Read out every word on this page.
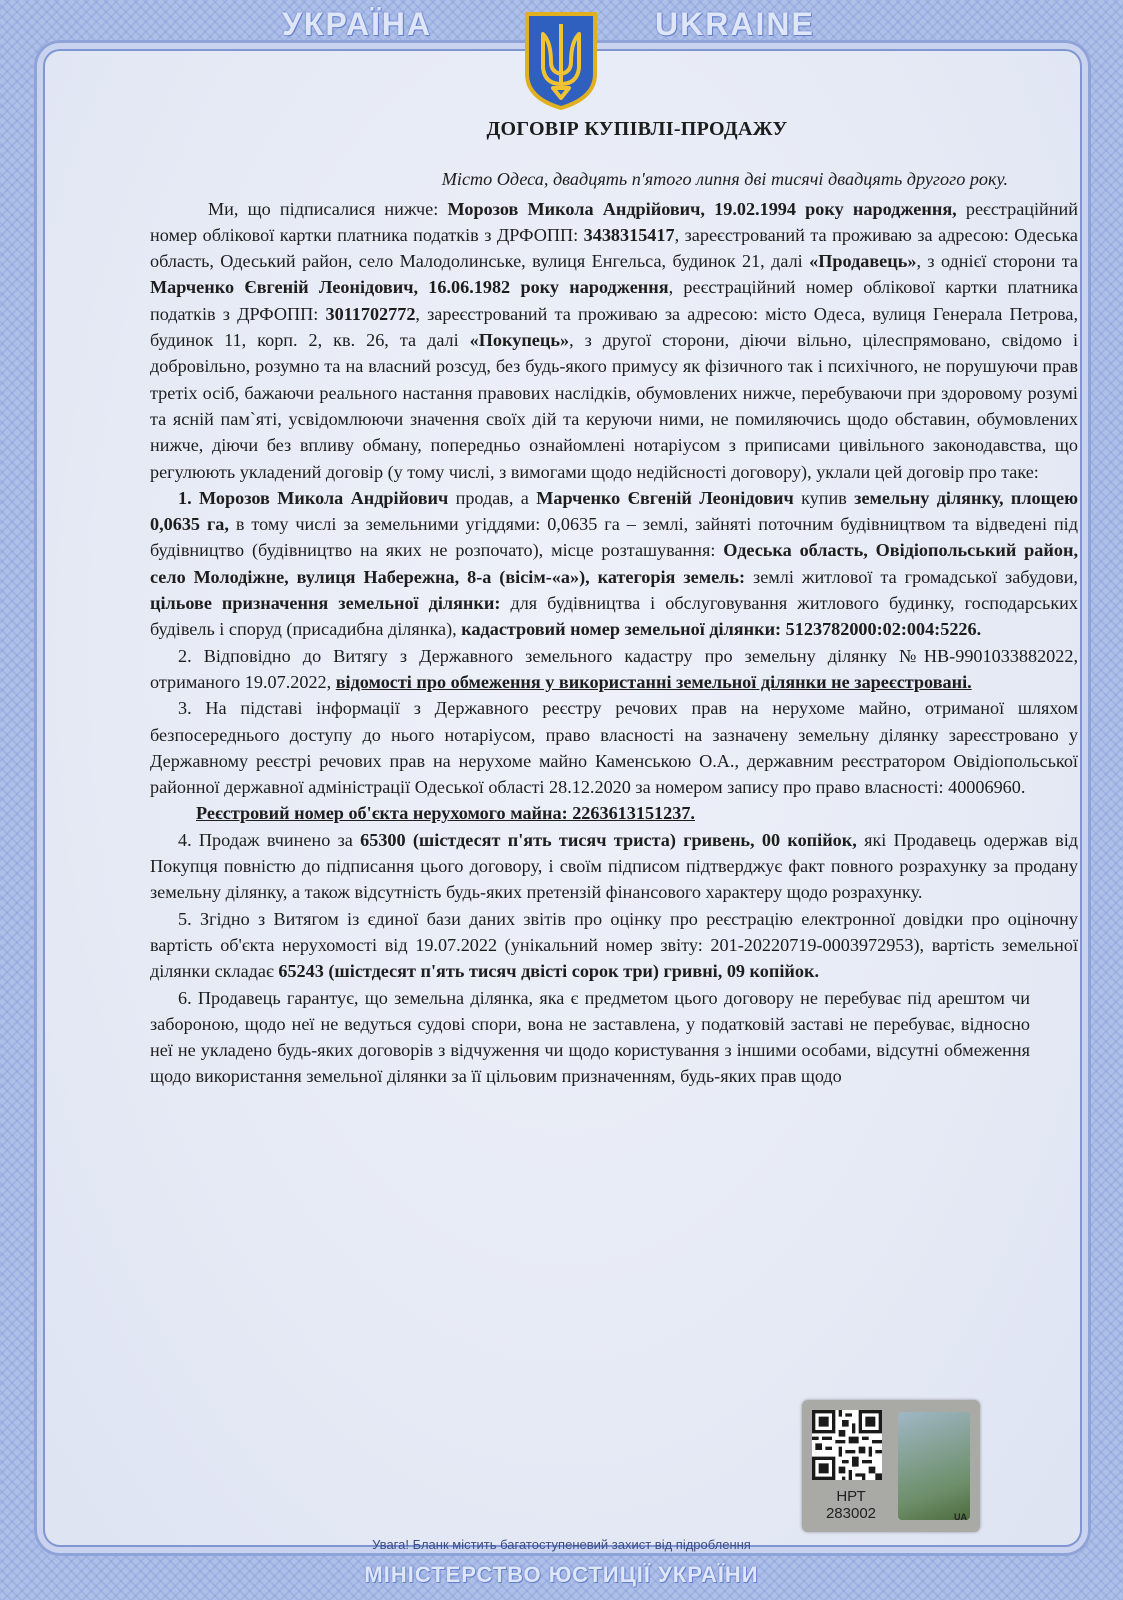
УКРАЇНА	UKRAINE
ДОГОВІР КУПІВЛІ-ПРОДАЖУ
Місто Одеса, двадцять п'ятого липня дві тисячі двадцять другого року.

Ми, що підписалися нижче: Морозов Микола Андрійович, 19.02.1994 року народження, реєстраційний номер облікової картки платника податків з ДРФОПП: 3438315417, зареєстрований та проживаю за адресою: Одеська область, Одеський район, село Малодолинське, вулиця Енгельса, будинок 21, далі «Продавець», з однієї сторони та Марченко Євгеній Леонідович, 16.06.1982 року народження, реєстраційний номер облікової картки платника податків з ДРФОПП: 3011702772, зареєстрований та проживаю за адресою: місто Одеса, вулиця Генерала Петрова, будинок 11, корп. 2, кв. 26, та далі «Покупець», з другої сторони, діючи вільно, цілеспрямовано, свідомо і добровільно, розумно та на власний розсуд, без будь-якого примусу як фізичного так і психічного, не порушуючи прав третіх осіб, бажаючи реального настання правових наслідків, обумовлених нижче, перебуваючи при здоровому розумі та ясній пам`яті, усвідомлюючи значення своїх дій та керуючи ними, не помиляючись щодо обставин, обумовлених нижче, діючи без впливу обману, попередньо ознайомлені нотаріусом з приписами цивільного законодавства, що регулюють укладений договір (у тому числі, з вимогами щодо недійсності договору), уклали цей договір про таке:

1. Морозов Микола Андрійович продав, а Марченко Євгеній Леонідович купив земельну ділянку, площею 0,0635 га, в тому числі за земельними угіддями: 0,0635 га – землі, зайняті поточним будівництвом та відведені під будівництво (будівництво на яких не розпочато), місце розташування: Одеська область, Овідіопольський район, село Молодіжне, вулиця Набережна, 8-а (вісім-«а»), категорія земель: землі житлової та громадської забудови, цільове призначення земельної ділянки: для будівництва і обслуговування житлового будинку, господарських будівель і споруд (присадибна ділянка), кадастровий номер земельної ділянки: 5123782000:02:004:5226.

2. Відповідно до Витягу з Державного земельного кадастру про земельну ділянку №НВ-9901033882022, отриманого 19.07.2022, відомості про обмеження у використанні земельної ділянки не зареєстровані.

3. На підставі інформації з Державного реєстру речових прав на нерухоме майно, отриманої шляхом безпосереднього доступу до нього нотаріусом, право власності на зазначену земельну ділянку зареєстровано у Державному реєстрі речових прав на нерухоме майно Каменською О.А., державним реєстратором Овідіопольської районної державної адміністрації Одеської області 28.12.2020 за номером запису про право власності: 40006960.

Реєстровий номер об'єкта нерухомого майна: 2263613151237.

4. Продаж вчинено за 65300 (шістдесят п'ять тисяч триста) гривень, 00 копійок, які Продавець одержав від Покупця повністю до підписання цього договору, і своїм підписом підтверджує факт повного розрахунку за продану земельну ділянку, а також відсутність будь-яких претензій фінансового характеру щодо розрахунку.

5. Згідно з Витягом із єдиної бази даних звітів про оцінку про реєстрацію електронної довідки про оціночну вартість об'єкта нерухомості від 19.07.2022 (унікальний номер звіту: 201-20220719-0003972953), вартість земельної ділянки складає 65243 (шістдесят п'ять тисяч двісті сорок три) гривні, 09 копійок.

6. Продавець гарантує, що земельна ділянка, яка є предметом цього договору не перебуває під арештом чи забороною, щодо неї не ведуться судові спори, вона не заставлена, у податковій заставі не перебуває, відносно неї не укладено будь-яких договорів з відчуження чи щодо користування з іншими особами, відсутні обмеження щодо використання земельної ділянки за її цільовим призначенням, будь-яких прав щодо

НРТ
283002	UA
Увага! Бланк містить багатоступеневий захист від підроблення
МІНІСТЕРСТВО ЮСТИЦІЇ УКРАЇНИ
